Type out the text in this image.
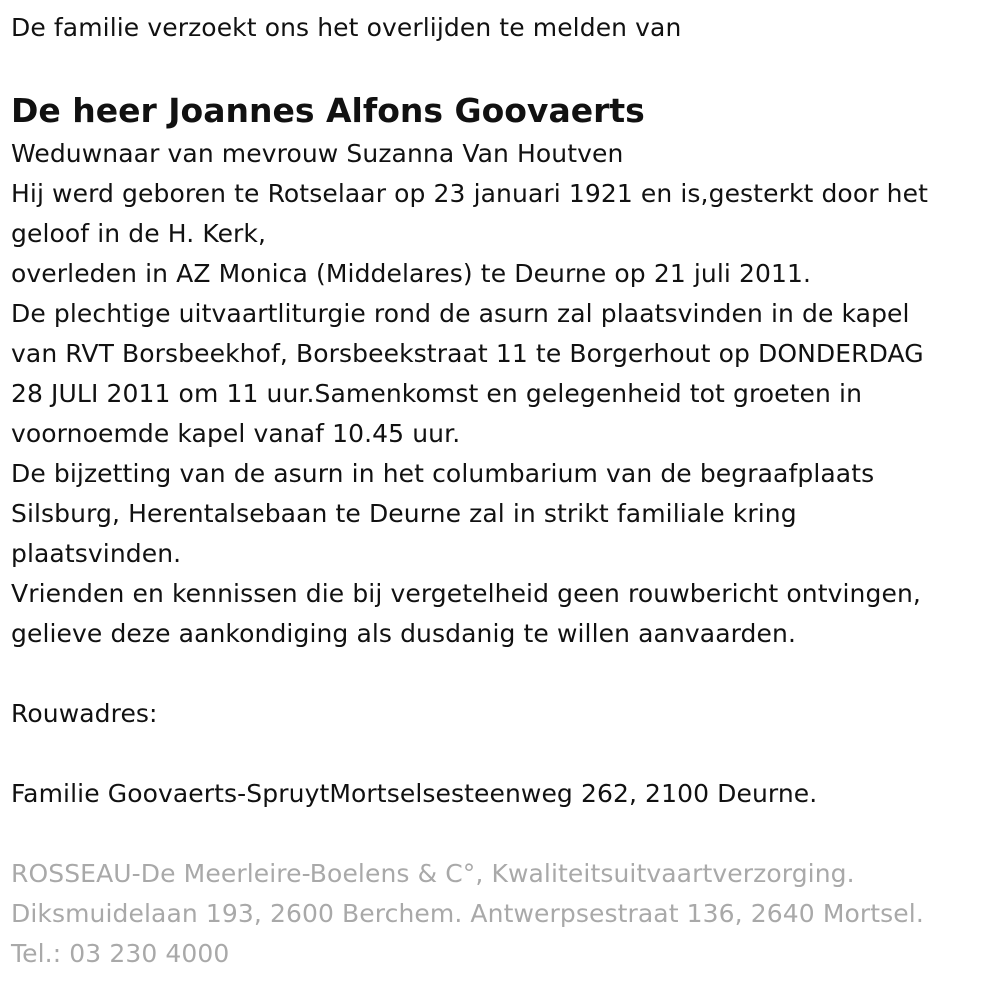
De familie verzoekt ons het overlijden te melden van
De heer Joannes Alfons Goovaerts
Weduwnaar van mevrouw Suzanna Van Houtven
Hij werd geboren te Rotselaar op 23 januari 1921 en is,gesterkt door het
geloof in de H. Kerk,
overleden in AZ Monica (Middelares) te Deurne op 21 juli 2011.
De plechtige uitvaartliturgie rond de asurn zal plaatsvinden in de kapel
van RVT Borsbeekhof, Borsbeekstraat 11 te Borgerhout op DONDERDAG
28 JULI 2011 om 11 uur.Samenkomst en gelegenheid tot groeten in
voornoemde kapel vanaf 10.45 uur.
De bijzetting van de asurn in het columbarium van de begraafplaats
Silsburg, Herentalsebaan te Deurne zal in strikt familiale kring
plaatsvinden.
Vrienden en kennissen die bij vergetelheid geen rouwbericht ontvingen,
gelieve deze aankondiging als dusdanig te willen aanvaarden.
Rouwadres:
Familie Goovaerts-SpruytMortselsesteenweg 262, 2100 Deurne.
ROSSEAU-De Meerleire-Boelens & C°, Kwaliteitsuitvaartverzorging.
Diksmuidelaan 193, 2600 Berchem. Antwerpsestraat 136, 2640 Mortsel.
Tel.: 03 230 4000
